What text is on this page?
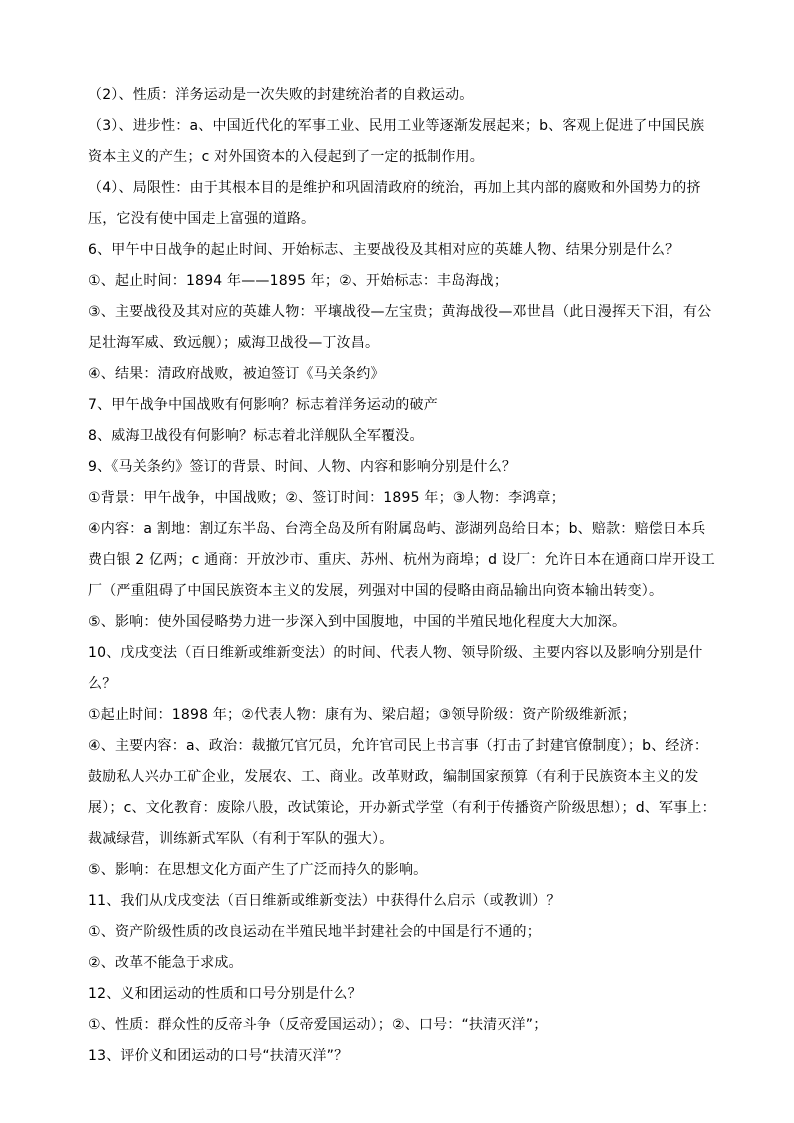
（2）、性质：洋务运动是一次失败的封建统治者的自救运动。

（3）、进步性：a、中国近代化的军事工业、民用工业等逐渐发展起来；b、客观上促进了中国民族资本主义的产生；c 对外国资本的入侵起到了一定的抵制作用。

（4）、局限性：由于其根本目的是维护和巩固清政府的统治，再加上其内部的腐败和外国势力的挤压，它没有使中国走上富强的道路。

6、甲午中日战争的起止时间、开始标志、主要战役及其相对应的英雄人物、结果分别是什么？

①、起止时间：1894 年——1895 年；②、开始标志：丰岛海战；

③、主要战役及其对应的英雄人物：平壤战役—左宝贵；黄海战役—邓世昌（此日漫挥天下泪，有公足壮海军威、致远舰）；威海卫战役—丁汝昌。

④、结果：清政府战败，被迫签订《马关条约》

7、甲午战争中国战败有何影响？标志着洋务运动的破产

8、威海卫战役有何影响？标志着北洋舰队全军覆没。

9、《马关条约》签订的背景、时间、人物、内容和影响分别是什么？

①背景：甲午战争，中国战败；②、签订时间：1895 年；③人物：李鸿章；

④内容：a 割地：割辽东半岛、台湾全岛及所有附属岛屿、澎湖列岛给日本；b、赔款：赔偿日本兵费白银 2 亿两；c 通商：开放沙市、重庆、苏州、杭州为商埠；d 设厂：允许日本在通商口岸开设工厂（严重阻碍了中国民族资本主义的发展，列强对中国的侵略由商品输出向资本输出转变）。

⑤、影响：使外国侵略势力进一步深入到中国腹地，中国的半殖民地化程度大大加深。

10、戊戌变法（百日维新或维新变法）的时间、代表人物、领导阶级、主要内容以及影响分别是什么？

①起止时间：1898 年；②代表人物：康有为、梁启超；③领导阶级：资产阶级维新派；

④、主要内容：a、政治：裁撤冗官冗员，允许官司民上书言事（打击了封建官僚制度）；b、经济：鼓励私人兴办工矿企业，发展农、工、商业。改革财政，编制国家预算（有利于民族资本主义的发展）；c、文化教育：废除八股，改试策论，开办新式学堂（有利于传播资产阶级思想）；d、军事上：裁减绿营，训练新式军队（有利于军队的强大）。

⑤、影响：在思想文化方面产生了广泛而持久的影响。

11、我们从戊戌变法（百日维新或维新变法）中获得什么启示（或教训）？

①、资产阶级性质的改良运动在半殖民地半封建社会的中国是行不通的；

②、改革不能急于求成。

12、义和团运动的性质和口号分别是什么？

①、性质：群众性的反帝斗争（反帝爱国运动）；②、口号：“扶清灭洋”；

13、评价义和团运动的口号“扶清灭洋”？
